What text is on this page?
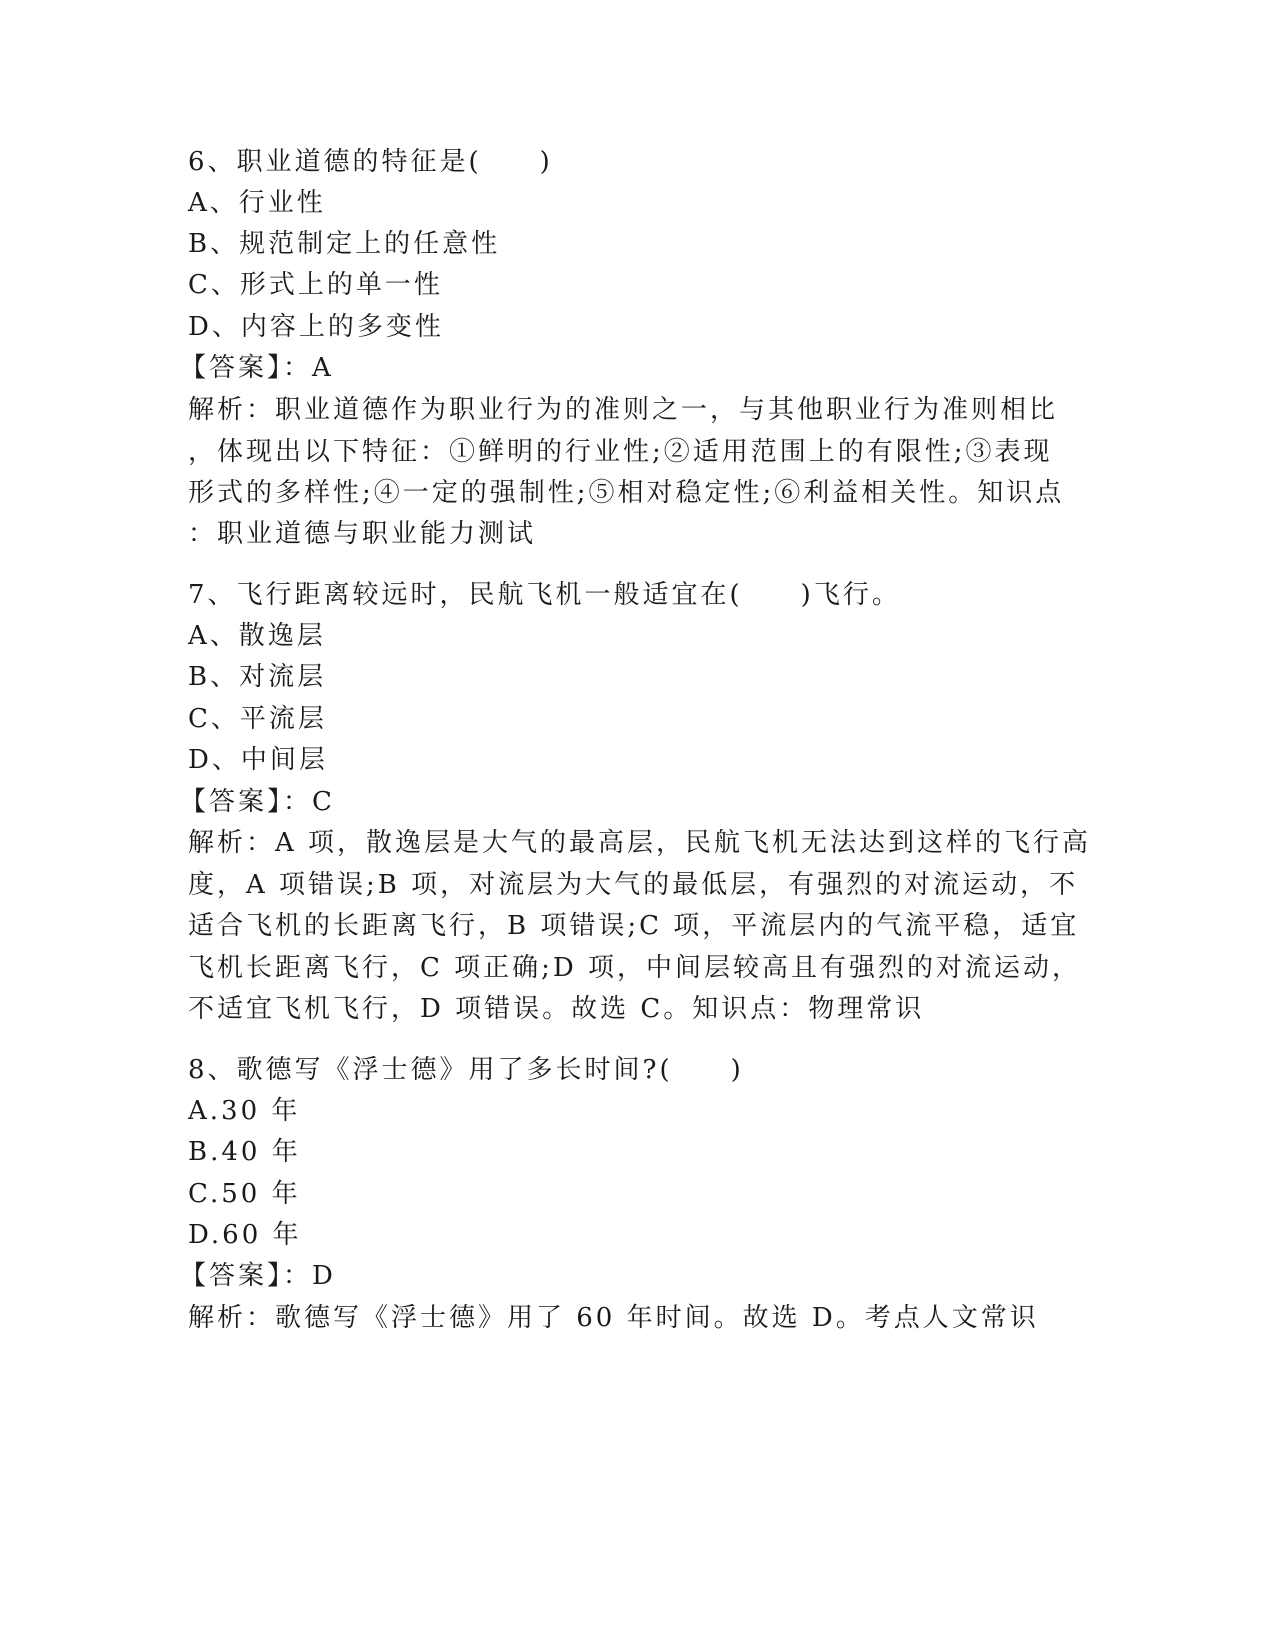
6、职业道德的特征是(　　)
A、行业性
B、规范制定上的任意性
C、形式上的单一性
D、内容上的多变性
【答案】：A
解析：职业道德作为职业行为的准则之一，与其他职业行为准则相比
，体现出以下特征：①鲜明的行业性;②适用范围上的有限性;③表现
形式的多样性;④一定的强制性;⑤相对稳定性;⑥利益相关性。知识点
：职业道德与职业能力测试
7、飞行距离较远时，民航飞机一般适宜在(　　)飞行。
A、散逸层
B、对流层
C、平流层
D、中间层
【答案】：C
解析：A 项，散逸层是大气的最高层，民航飞机无法达到这样的飞行高
度，A 项错误;B 项，对流层为大气的最低层，有强烈的对流运动，不
适合飞机的长距离飞行，B 项错误;C 项，平流层内的气流平稳，适宜
飞机长距离飞行，C 项正确;D 项，中间层较高且有强烈的对流运动，
不适宜飞机飞行，D 项错误。故选 C。知识点：物理常识
8、歌德写《浮士德》用了多长时间?(　　)
A.30 年
B.40 年
C.50 年
D.60 年
【答案】：D
解析：歌德写《浮士德》用了 60 年时间。故选 D。考点人文常识
